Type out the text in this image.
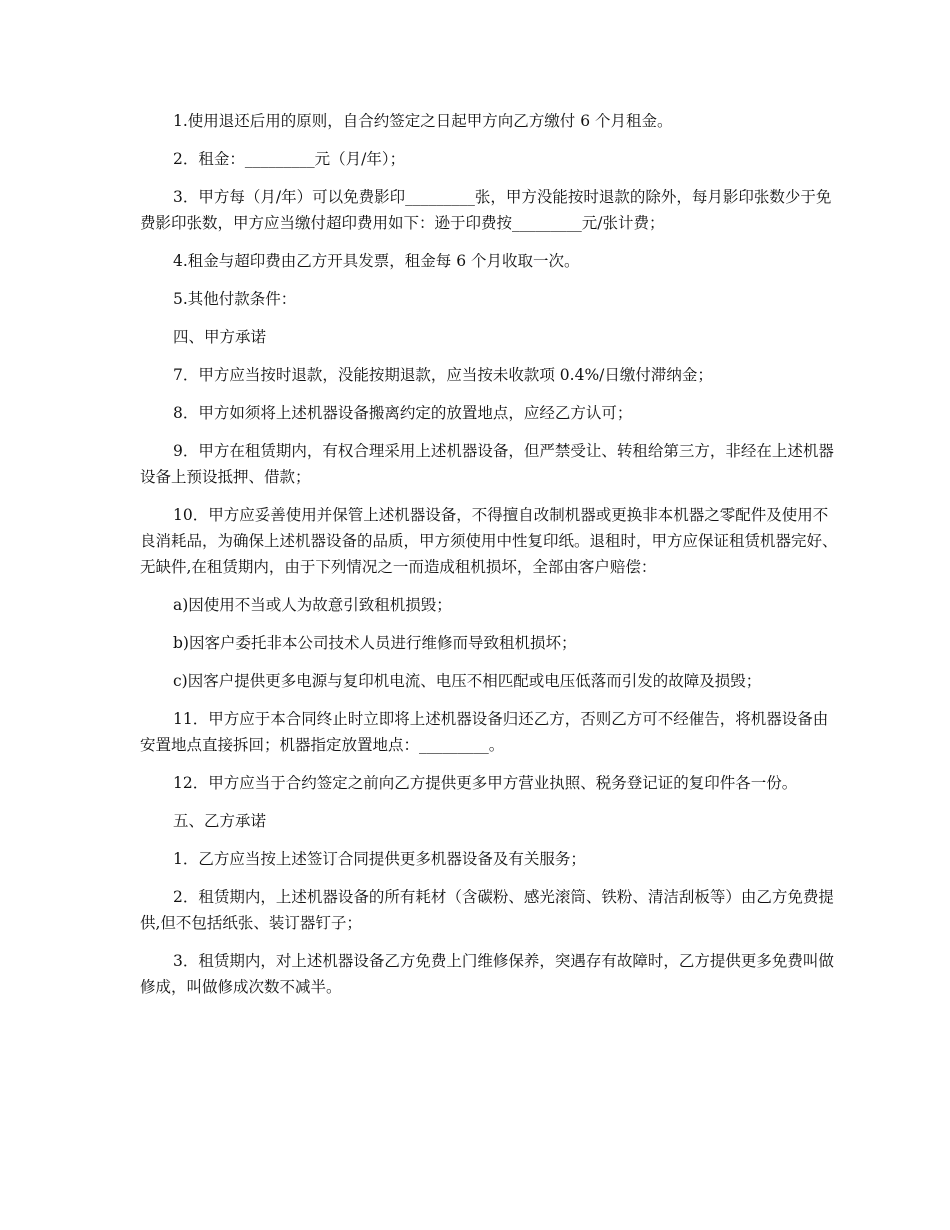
1.使用退还后用的原则，自合约签定之日起甲方向乙方缴付 6 个月租金。

2．租金：_________元（月/年）；

3．甲方每（月/年）可以免费影印_________张，甲方没能按时退款的除外，每月影印张数少于免费影印张数，甲方应当缴付超印费用如下：逊于印费按_________元/张计费；

4.租金与超印费由乙方开具发票，租金每 6 个月收取一次。

5.其他付款条件：

四、甲方承诺

7．甲方应当按时退款，没能按期退款，应当按未收款项 0.4%/日缴付滞纳金；

8．甲方如须将上述机器设备搬离约定的放置地点，应经乙方认可；

9．甲方在租赁期内，有权合理采用上述机器设备，但严禁受让、转租给第三方，非经在上述机器设备上预设抵押、借款；

10．甲方应妥善使用并保管上述机器设备，不得擅自改制机器或更换非本机器之零配件及使用不良消耗品，为确保上述机器设备的品质，甲方须使用中性复印纸。退租时，甲方应保证租赁机器完好、无缺件,在租赁期内，由于下列情况之一而造成租机损坏，全部由客户赔偿：

a)因使用不当或人为故意引致租机损毁；

b)因客户委托非本公司技术人员进行维修而导致租机损坏；

c)因客户提供更多电源与复印机电流、电压不相匹配或电压低落而引发的故障及损毁；

11．甲方应于本合同终止时立即将上述机器设备归还乙方，否则乙方可不经催告，将机器设备由安置地点直接拆回；机器指定放置地点：_________。

12．甲方应当于合约签定之前向乙方提供更多甲方营业执照、税务登记证的复印件各一份。

五、乙方承诺

1．乙方应当按上述签订合同提供更多机器设备及有关服务；

2．租赁期内，上述机器设备的所有耗材（含碳粉、感光滚筒、铁粉、清洁刮板等）由乙方免费提供,但不包括纸张、装订器钉子；

3．租赁期内，对上述机器设备乙方免费上门维修保养，突遇存有故障时，乙方提供更多免费叫做修成，叫做修成次数不减半。
